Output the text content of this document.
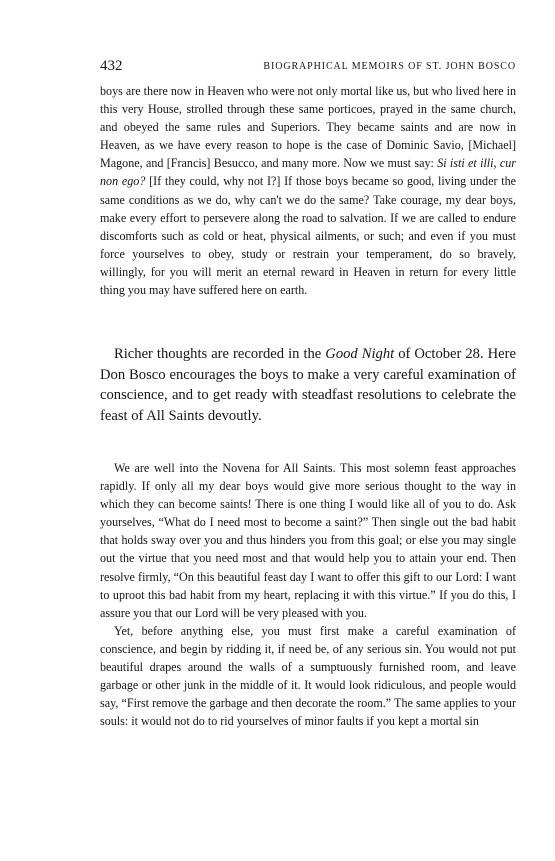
432	BIOGRAPHICAL MEMOIRS OF ST. JOHN BOSCO

boys are there now in Heaven who were not only mortal like us, but who lived here in this very House, strolled through these same porticoes, prayed in the same church, and obeyed the same rules and Superiors. They became saints and are now in Heaven, as we have every reason to hope is the case of Dominic Savio, [Michael] Magone, and [Francis] Besucco, and many more. Now we must say: Si isti et illi, cur non ego? [If they could, why not I?] If those boys became so good, living under the same conditions as we do, why can't we do the same? Take courage, my dear boys, make every effort to persevere along the road to salvation. If we are called to endure discomforts such as cold or heat, physical ailments, or such; and even if you must force yourselves to obey, study or restrain your temperament, do so bravely, willingly, for you will merit an eternal reward in Heaven in return for every little thing you may have suffered here on earth.

Richer thoughts are recorded in the Good Night of October 28. Here Don Bosco encourages the boys to make a very careful examination of conscience, and to get ready with steadfast resolutions to celebrate the feast of All Saints devoutly.

We are well into the Novena for All Saints. This most solemn feast approaches rapidly. If only all my dear boys would give more serious thought to the way in which they can become saints! There is one thing I would like all of you to do. Ask yourselves, “What do I need most to become a saint?” Then single out the bad habit that holds sway over you and thus hinders you from this goal; or else you may single out the virtue that you need most and that would help you to attain your end. Then resolve firmly, “On this beautiful feast day I want to offer this gift to our Lord: I want to uproot this bad habit from my heart, replacing it with this virtue.” If you do this, I assure you that our Lord will be very pleased with you.

Yet, before anything else, you must first make a careful examination of conscience, and begin by ridding it, if need be, of any serious sin. You would not put beautiful drapes around the walls of a sumptuously furnished room, and leave garbage or other junk in the middle of it. It would look ridiculous, and people would say, “First remove the garbage and then decorate the room.” The same applies to your souls: it would not do to rid yourselves of minor faults if you kept a mortal sin
